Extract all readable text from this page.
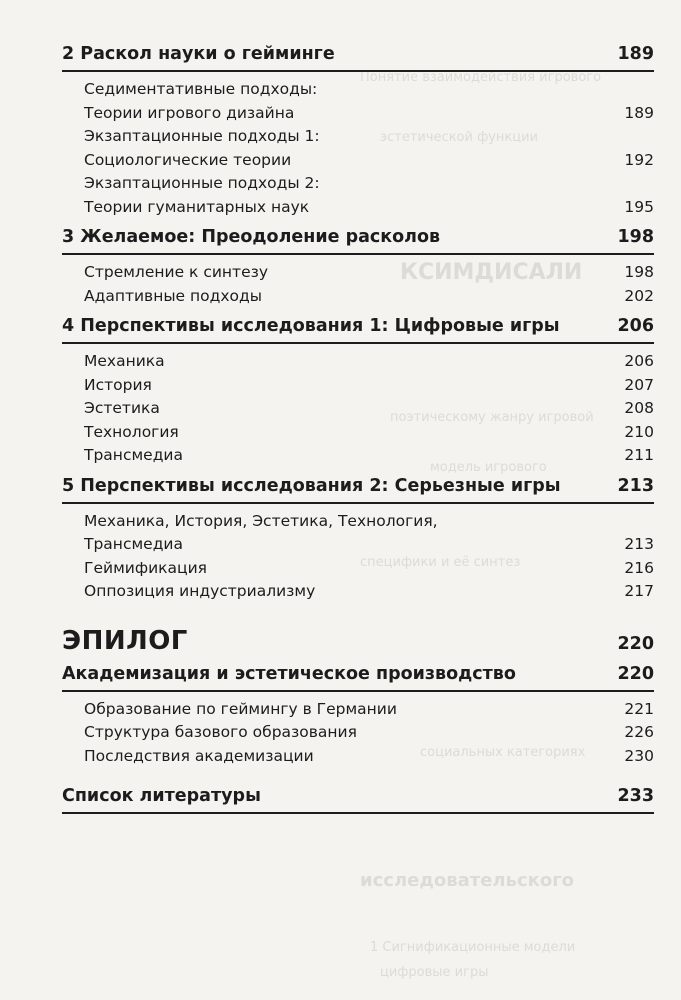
Понятие взаимодействия игрового
эстетической функции
КСИМДИСАЛИ
поэтическому жанру игровой
модель игрового
специфики и её синтез
социальных категориях
исследовательского
1 Сигнификационные модели
цифровые игры
2 Раскол науки о гейминге	189
Седиментативные подходы:
Теории игрового дизайна	189
Экзаптационные подходы 1:
Социологические теории	192
Экзаптационные подходы 2:
Теории гуманитарных наук	195
3 Желаемое: Преодоление расколов	198
Стремление к синтезу	198
Адаптивные подходы	202
4 Перспективы исследования 1: Цифровые игры	206
Механика	206
История	207
Эстетика	208
Технология	210
Трансмедиа	211
5 Перспективы исследования 2: Серьезные игры	213
Механика, История, Эстетика, Технология,
Трансмедиа	213
Геймификация	216
Оппозиция индустриализму	217
ЭПИЛОГ	220
Академизация и эстетическое производство	220
Образование по геймингу в Германии	221
Структура базового образования	226
Последствия академизации	230
Список литературы	233
